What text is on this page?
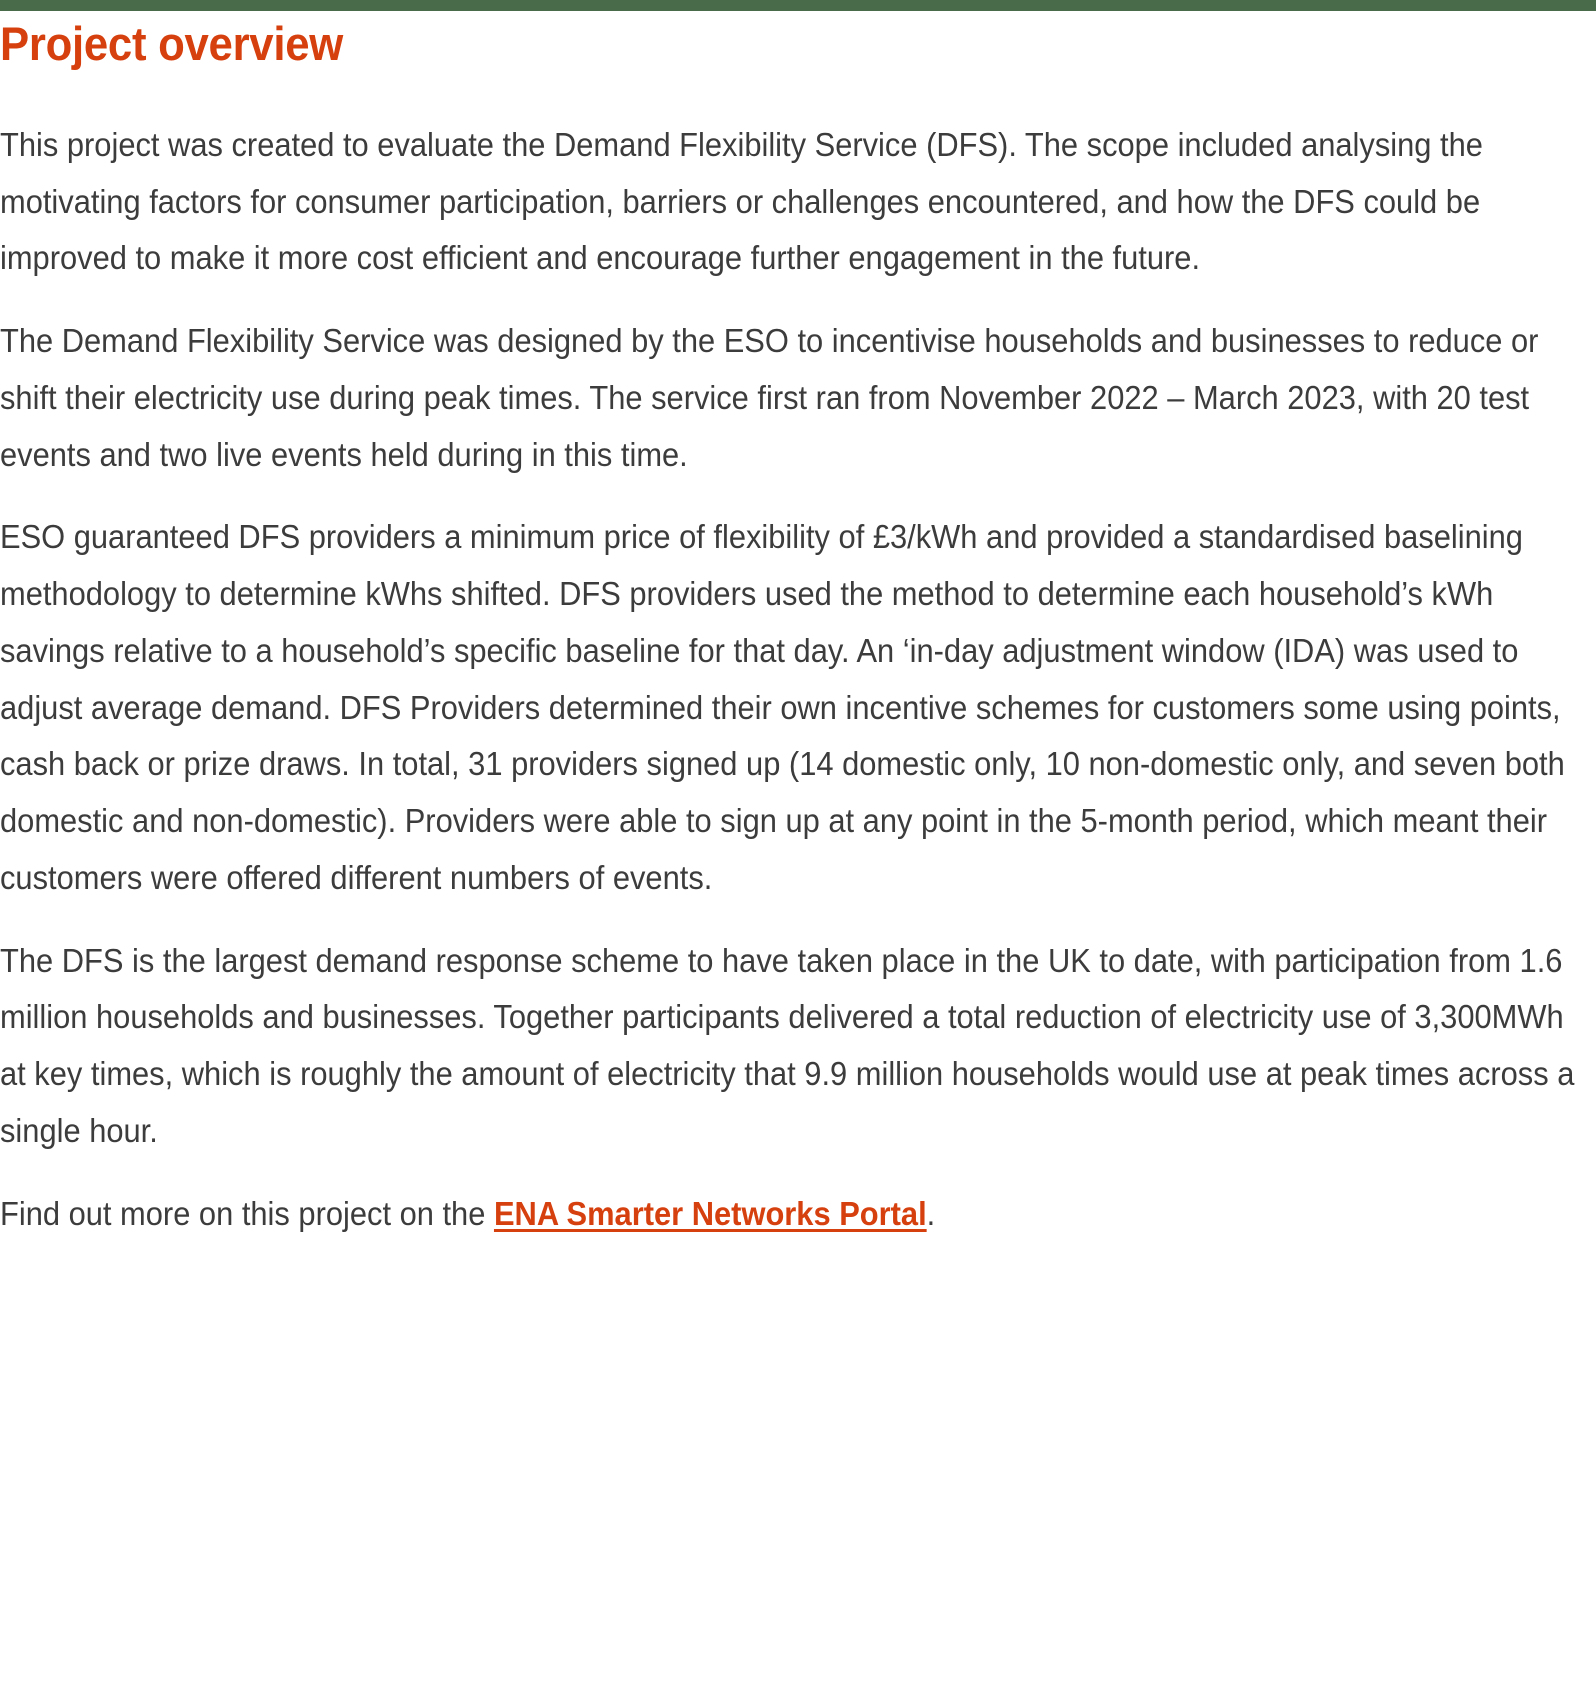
Project overview

This project was created to evaluate the Demand Flexibility Service (DFS). The scope included analysing the motivating factors for consumer participation, barriers or challenges encountered, and how the DFS could be improved to make it more cost efficient and encourage further engagement in the future.

The Demand Flexibility Service was designed by the ESO to incentivise households and businesses to reduce or shift their electricity use during peak times. The service first ran from November 2022 – March 2023, with 20 test events and two live events held during in this time.

ESO guaranteed DFS providers a minimum price of flexibility of £3/kWh and provided a standardised baselining methodology to determine kWhs shifted. DFS providers used the method to determine each household’s kWh savings relative to a household’s specific baseline for that day. An ‘in-day adjustment window (IDA) was used to adjust average demand. DFS Providers determined their own incentive schemes for customers some using points, cash back or prize draws. In total, 31 providers signed up (14 domestic only, 10 non-domestic only, and seven both domestic and non-domestic). Providers were able to sign up at any point in the 5-month period, which meant their customers were offered different numbers of events.

The DFS is the largest demand response scheme to have taken place in the UK to date, with participation from 1.6 million households and businesses. Together participants delivered a total reduction of electricity use of 3,300MWh at key times, which is roughly the amount of electricity that 9.9 million households would use at peak times across a single hour.

Find out more on this project on the ENA Smarter Networks Portal.
